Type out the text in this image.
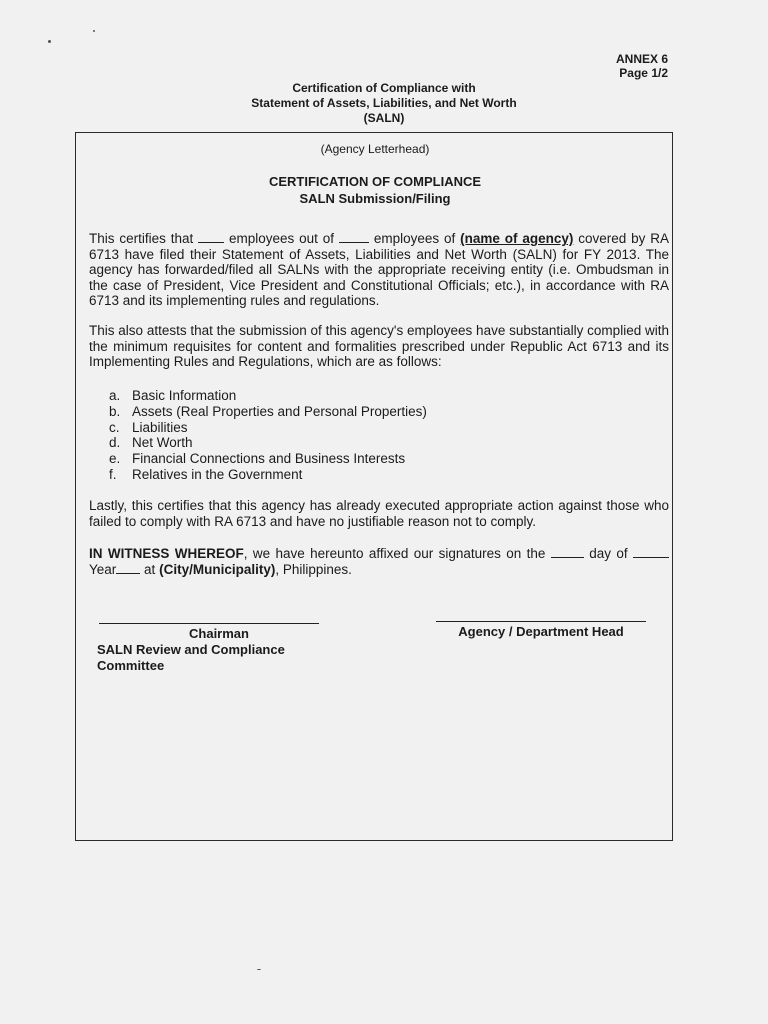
ANNEX 6
Page 1/2
Certification of Compliance with
Statement of Assets, Liabilities, and Net Worth
(SALN)
(Agency Letterhead)
CERTIFICATION OF COMPLIANCE
SALN Submission/Filing

This certifies that	employees out of	employees of (name of agency) covered by RA 6713 have filed their Statement of Assets, Liabilities and Net Worth (SALN) for FY 2013. The agency has forwarded/filed all SALNs with the appropriate receiving entity (i.e. Ombudsman in the case of President, Vice President and Constitutional Officials; etc.), in accordance with RA 6713 and its implementing rules and regulations.

This also attests that the submission of this agency's employees have substantially complied with the minimum requisites for content and formalities prescribed under Republic Act 6713 and its Implementing Rules and Regulations, which are as follows:

a. Basic Information
b. Assets (Real Properties and Personal Properties)
c. Liabilities
d. Net Worth
e. Financial Connections and Business Interests
f.	Relatives in the Government

Lastly, this certifies that this agency has already executed appropriate action against those who failed to comply with RA 6713 and have no justifiable reason not to comply.

IN WITNESS WHEREOF, we have hereunto affixed our signatures on the	day of  Year at (City/Municipality), Philippines.

Chairman
SALN Review and Compliance Committee
Agency / Department Head
